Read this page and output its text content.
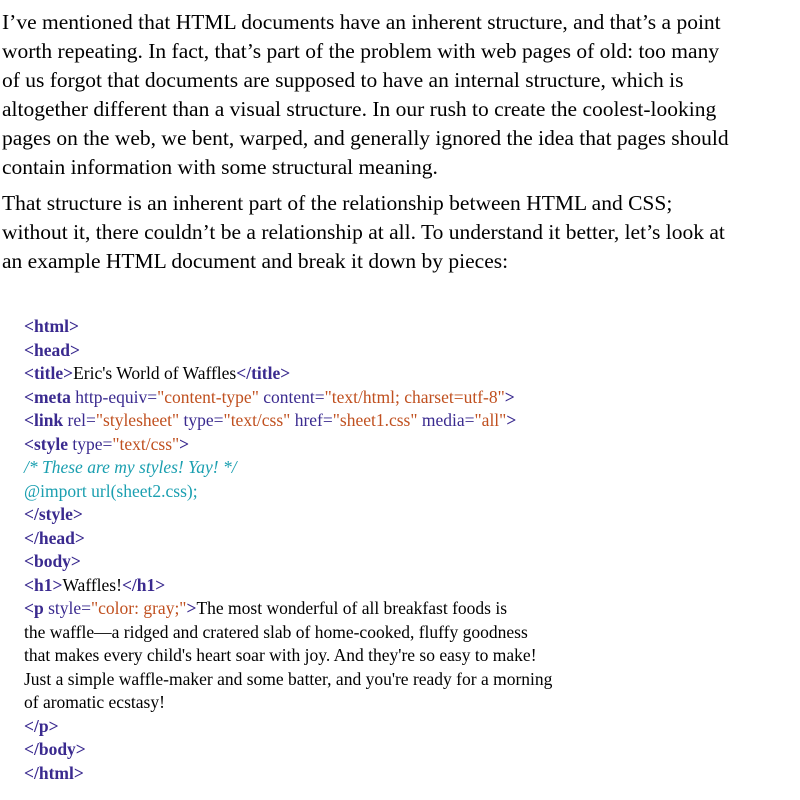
I’ve mentioned that HTML documents have an inherent structure, and that’s a point
worth repeating. In fact, that’s part of the problem with web pages of old: too many
of us forgot that documents are supposed to have an internal structure, which is
altogether different than a visual structure. In our rush to create the coolest-looking
pages on the web, we bent, warped, and generally ignored the idea that pages should
contain information with some structural meaning.

That structure is an inherent part of the relationship between HTML and CSS;
without it, there couldn’t be a relationship at all. To understand it better, let’s look at
an example HTML document and break it down by pieces:

<html>
<head>
<title>Eric's World of Waffles</title>
<meta http-equiv="content-type" content="text/html; charset=utf-8">
<link rel="stylesheet" type="text/css" href="sheet1.css" media="all">
<style type="text/css">
/* These are my styles! Yay! */
@import url(sheet2.css);
</style>
</head>
<body>
<h1>Waffles!</h1>
<p style="color: gray;">The most wonderful of all breakfast foods is
the waffle—a ridged and cratered slab of home-cooked, fluffy goodness
that makes every child's heart soar with joy. And they're so easy to make!
Just a simple waffle-maker and some batter, and you're ready for a morning
of aromatic ecstasy!
</p>
</body>
</html>
